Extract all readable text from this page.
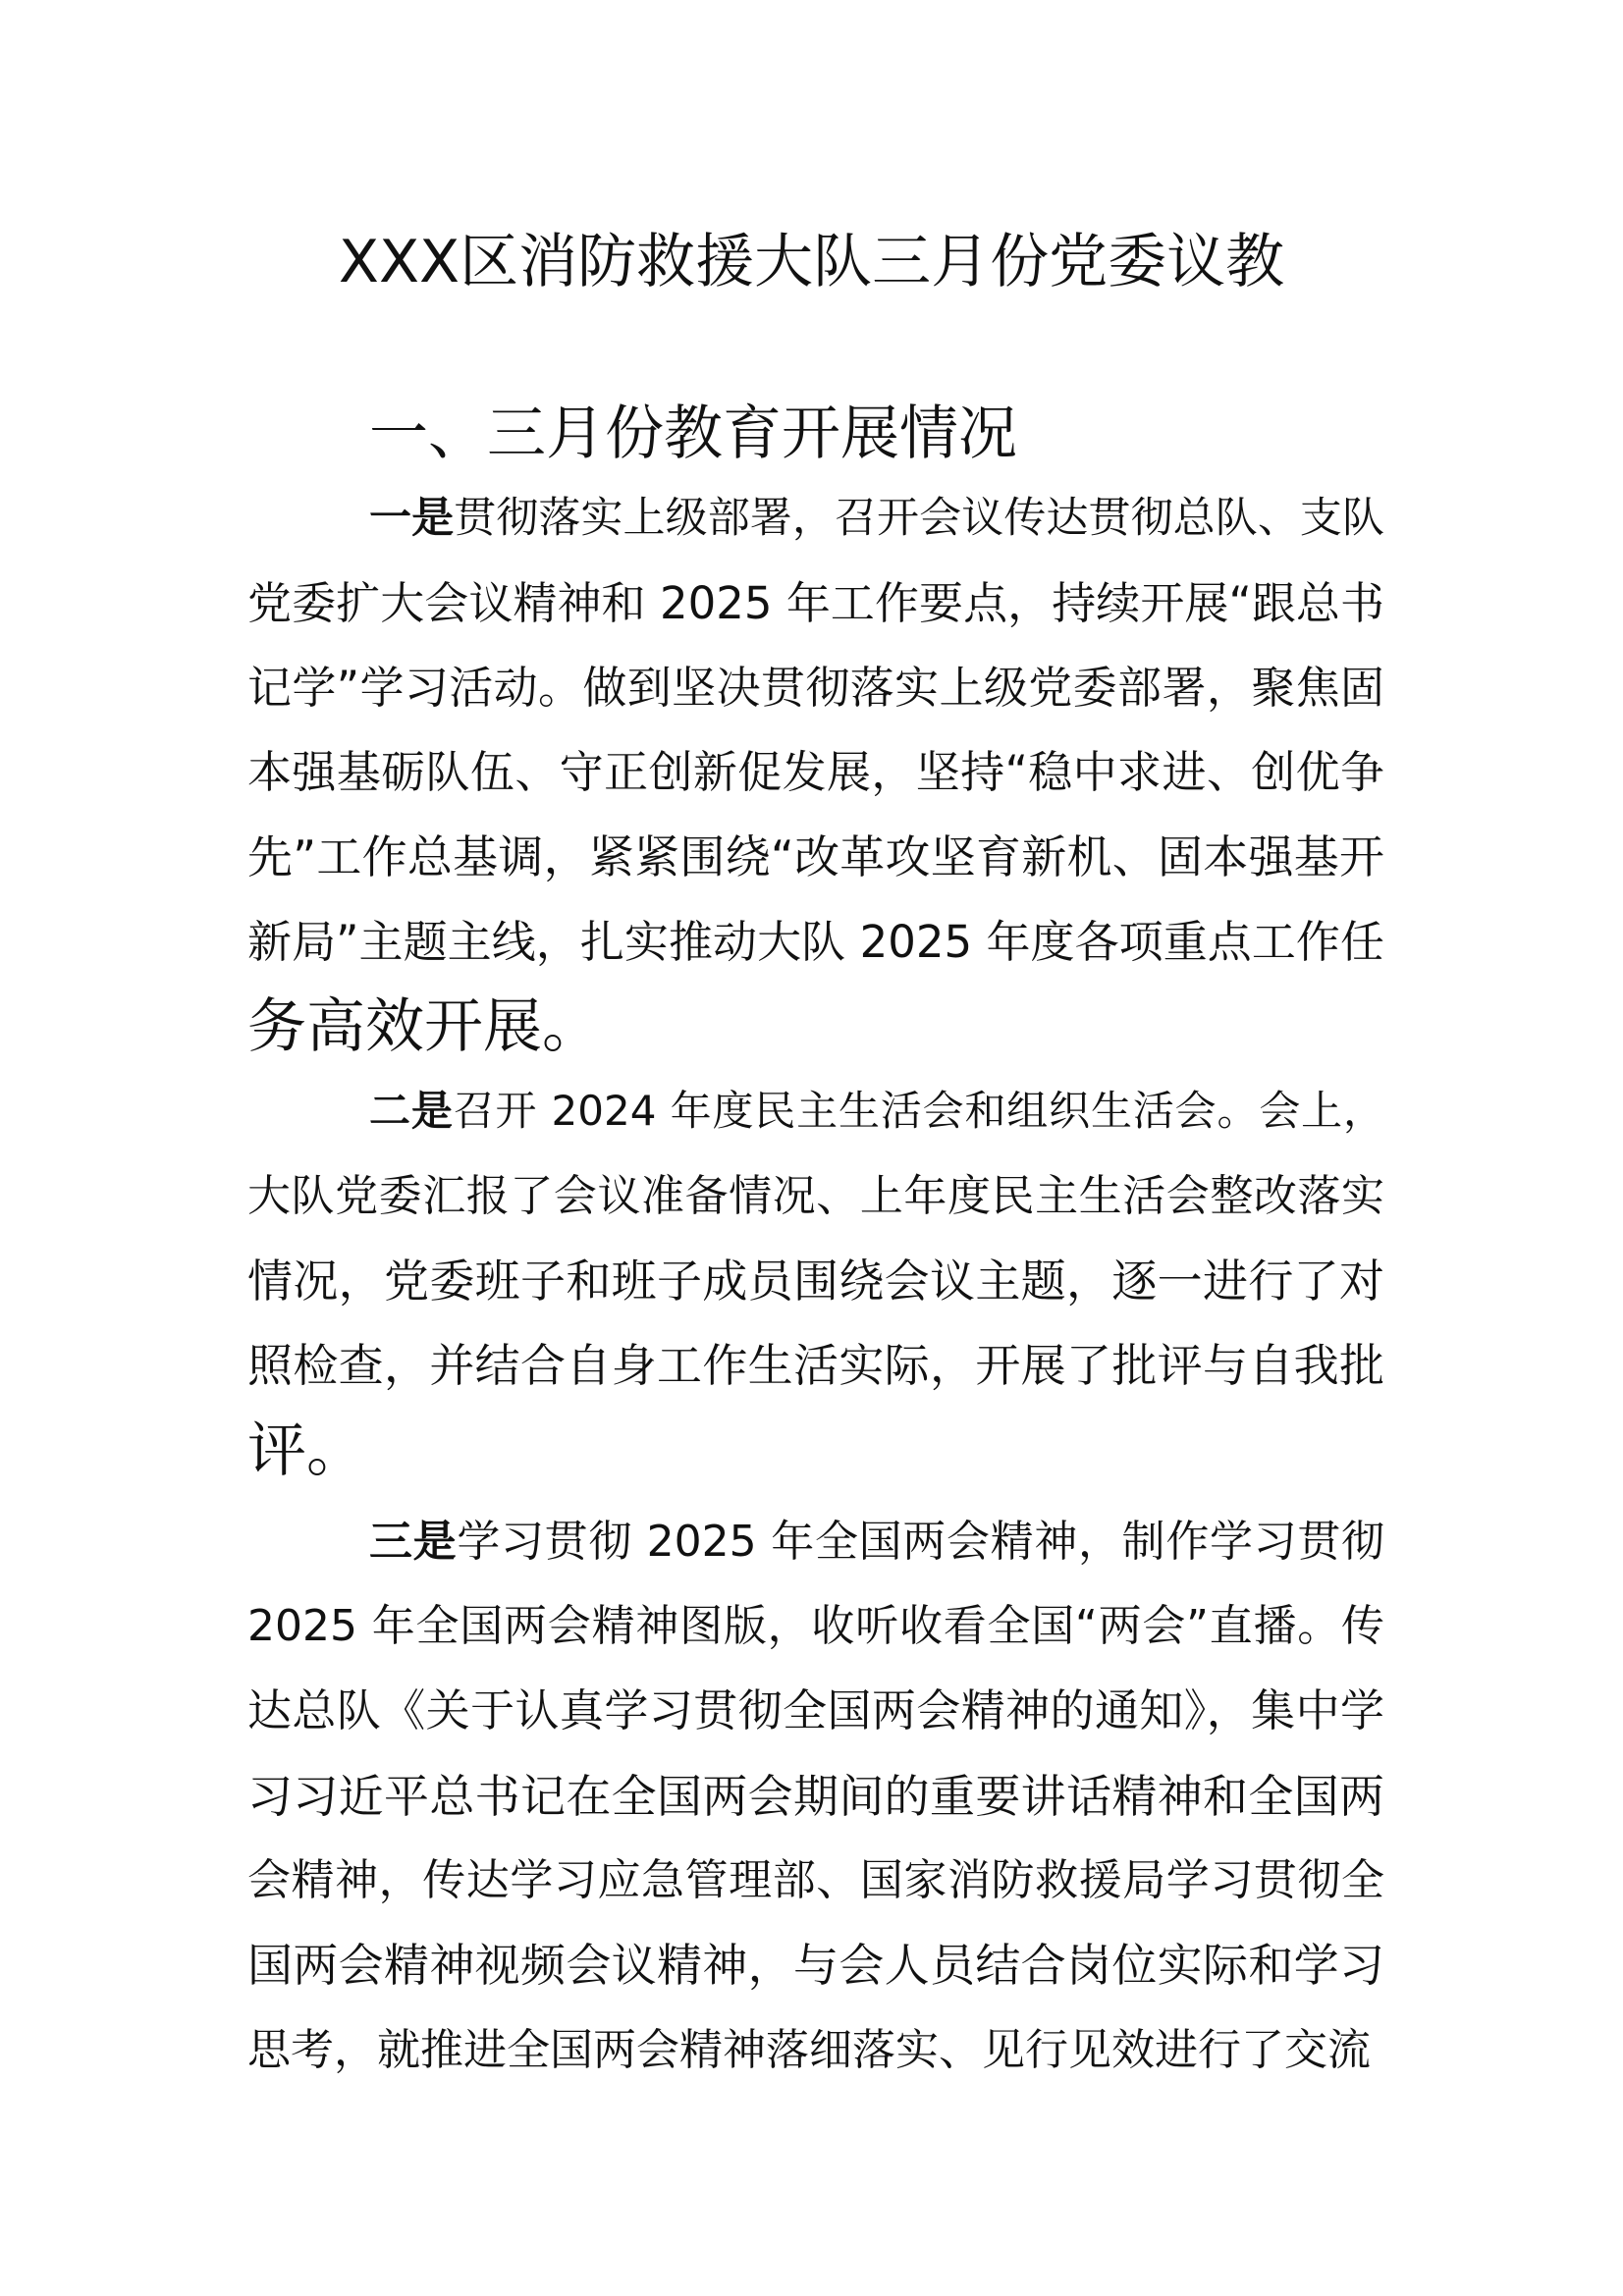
XXX区消防救援大队三月份党委议教
一、三月份教育开展情况
一是贯彻落实上级部署，召开会议传达贯彻总队、支队
党委扩大会议精神和 2025 年工作要点，持续开展“跟总书
记学”学习活动。做到坚决贯彻落实上级党委部署，聚焦固
本强基砺队伍、守正创新促发展，坚持“稳中求进、创优争
先”工作总基调，紧紧围绕“改革攻坚育新机、固本强基开
新局”主题主线，扎实推动大队 2025 年度各项重点工作任
务高效开展。
二是召开 2024 年度民主生活会和组织生活会。会上，
大队党委汇报了会议准备情况、上年度民主生活会整改落实
情况，党委班子和班子成员围绕会议主题，逐一进行了对
照检查，并结合自身工作生活实际，开展了批评与自我批
评。
三是学习贯彻 2025 年全国两会精神，制作学习贯彻
2025 年全国两会精神图版，收听收看全国“两会”直播。传
达总队《关于认真学习贯彻全国两会精神的通知》，集中学
习习近平总书记在全国两会期间的重要讲话精神和全国两
会精神，传达学习应急管理部、国家消防救援局学习贯彻全
国两会精神视频会议精神，与会人员结合岗位实际和学习
思考，就推进全国两会精神落细落实、见行见效进行了交流
